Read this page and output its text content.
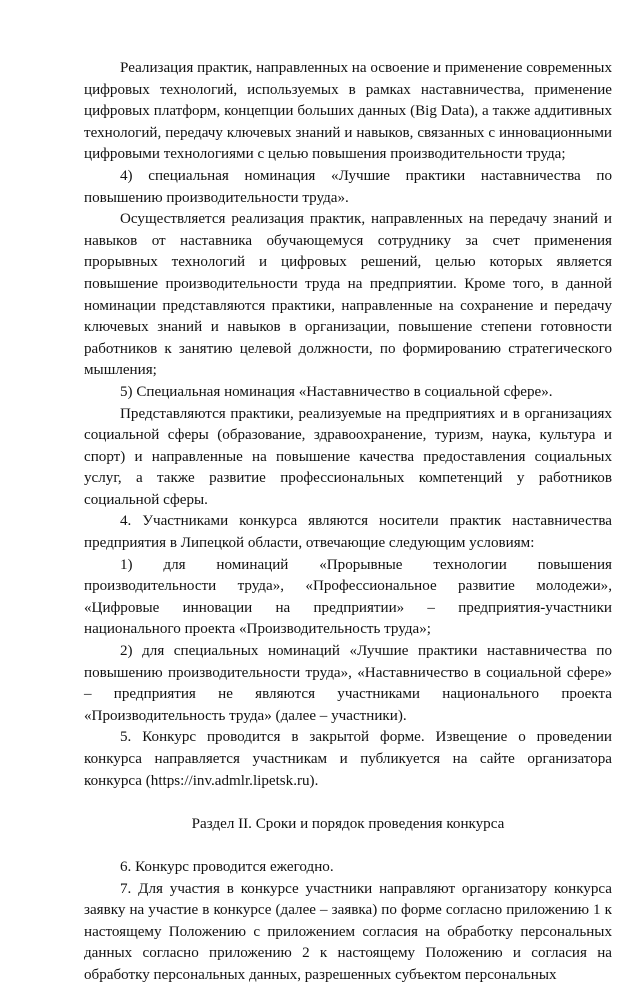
Реализация практик, направленных на освоение и применение современных цифровых технологий, используемых в рамках наставничества, применение цифровых платформ, концепции больших данных (Big Data), а также аддитивных технологий, передачу ключевых знаний и навыков, связанных с инновационными цифровыми технологиями с целью повышения производительности труда;

4) специальная номинация «Лучшие практики наставничества по повышению производительности труда».

Осуществляется реализация практик, направленных на передачу знаний и навыков от наставника обучающемуся сотруднику за счет применения прорывных технологий и цифровых решений, целью которых является повышение производительности труда на предприятии. Кроме того, в данной номинации представляются практики, направленные на сохранение и передачу ключевых знаний и навыков в организации, повышение степени готовности работников к занятию целевой должности, по формированию стратегического мышления;

5) Специальная номинация «Наставничество в социальной сфере».

Представляются практики, реализуемые на предприятиях и в организациях социальной сферы (образование, здравоохранение, туризм, наука, культура и спорт) и направленные на повышение качества предоставления социальных услуг, а также развитие профессиональных компетенций у работников социальной сферы.

4. Участниками конкурса являются носители практик наставничества предприятия в Липецкой области, отвечающие следующим условиям:

1) для номинаций «Прорывные технологии повышения производительности труда», «Профессиональное развитие молодежи», «Цифровые инновации на предприятии» – предприятия-участники национального проекта «Производительность труда»;

2) для специальных номинаций «Лучшие практики наставничества по повышению производительности труда», «Наставничество в социальной сфере» – предприятия не являются участниками национального проекта «Производительность труда» (далее – участники).

5. Конкурс проводится в закрытой форме. Извещение о проведении конкурса направляется участникам и публикуется на сайте организатора конкурса (https://inv.admlr.lipetsk.ru).

Раздел II. Сроки и порядок проведения конкурса

6. Конкурс проводится ежегодно.

7. Для участия в конкурсе участники направляют организатору конкурса заявку на участие в конкурсе (далее – заявка) по форме согласно приложению 1 к настоящему Положению с приложением согласия на обработку персональных данных согласно приложению 2 к настоящему Положению и согласия на обработку персональных данных, разрешенных субъектом персональных
